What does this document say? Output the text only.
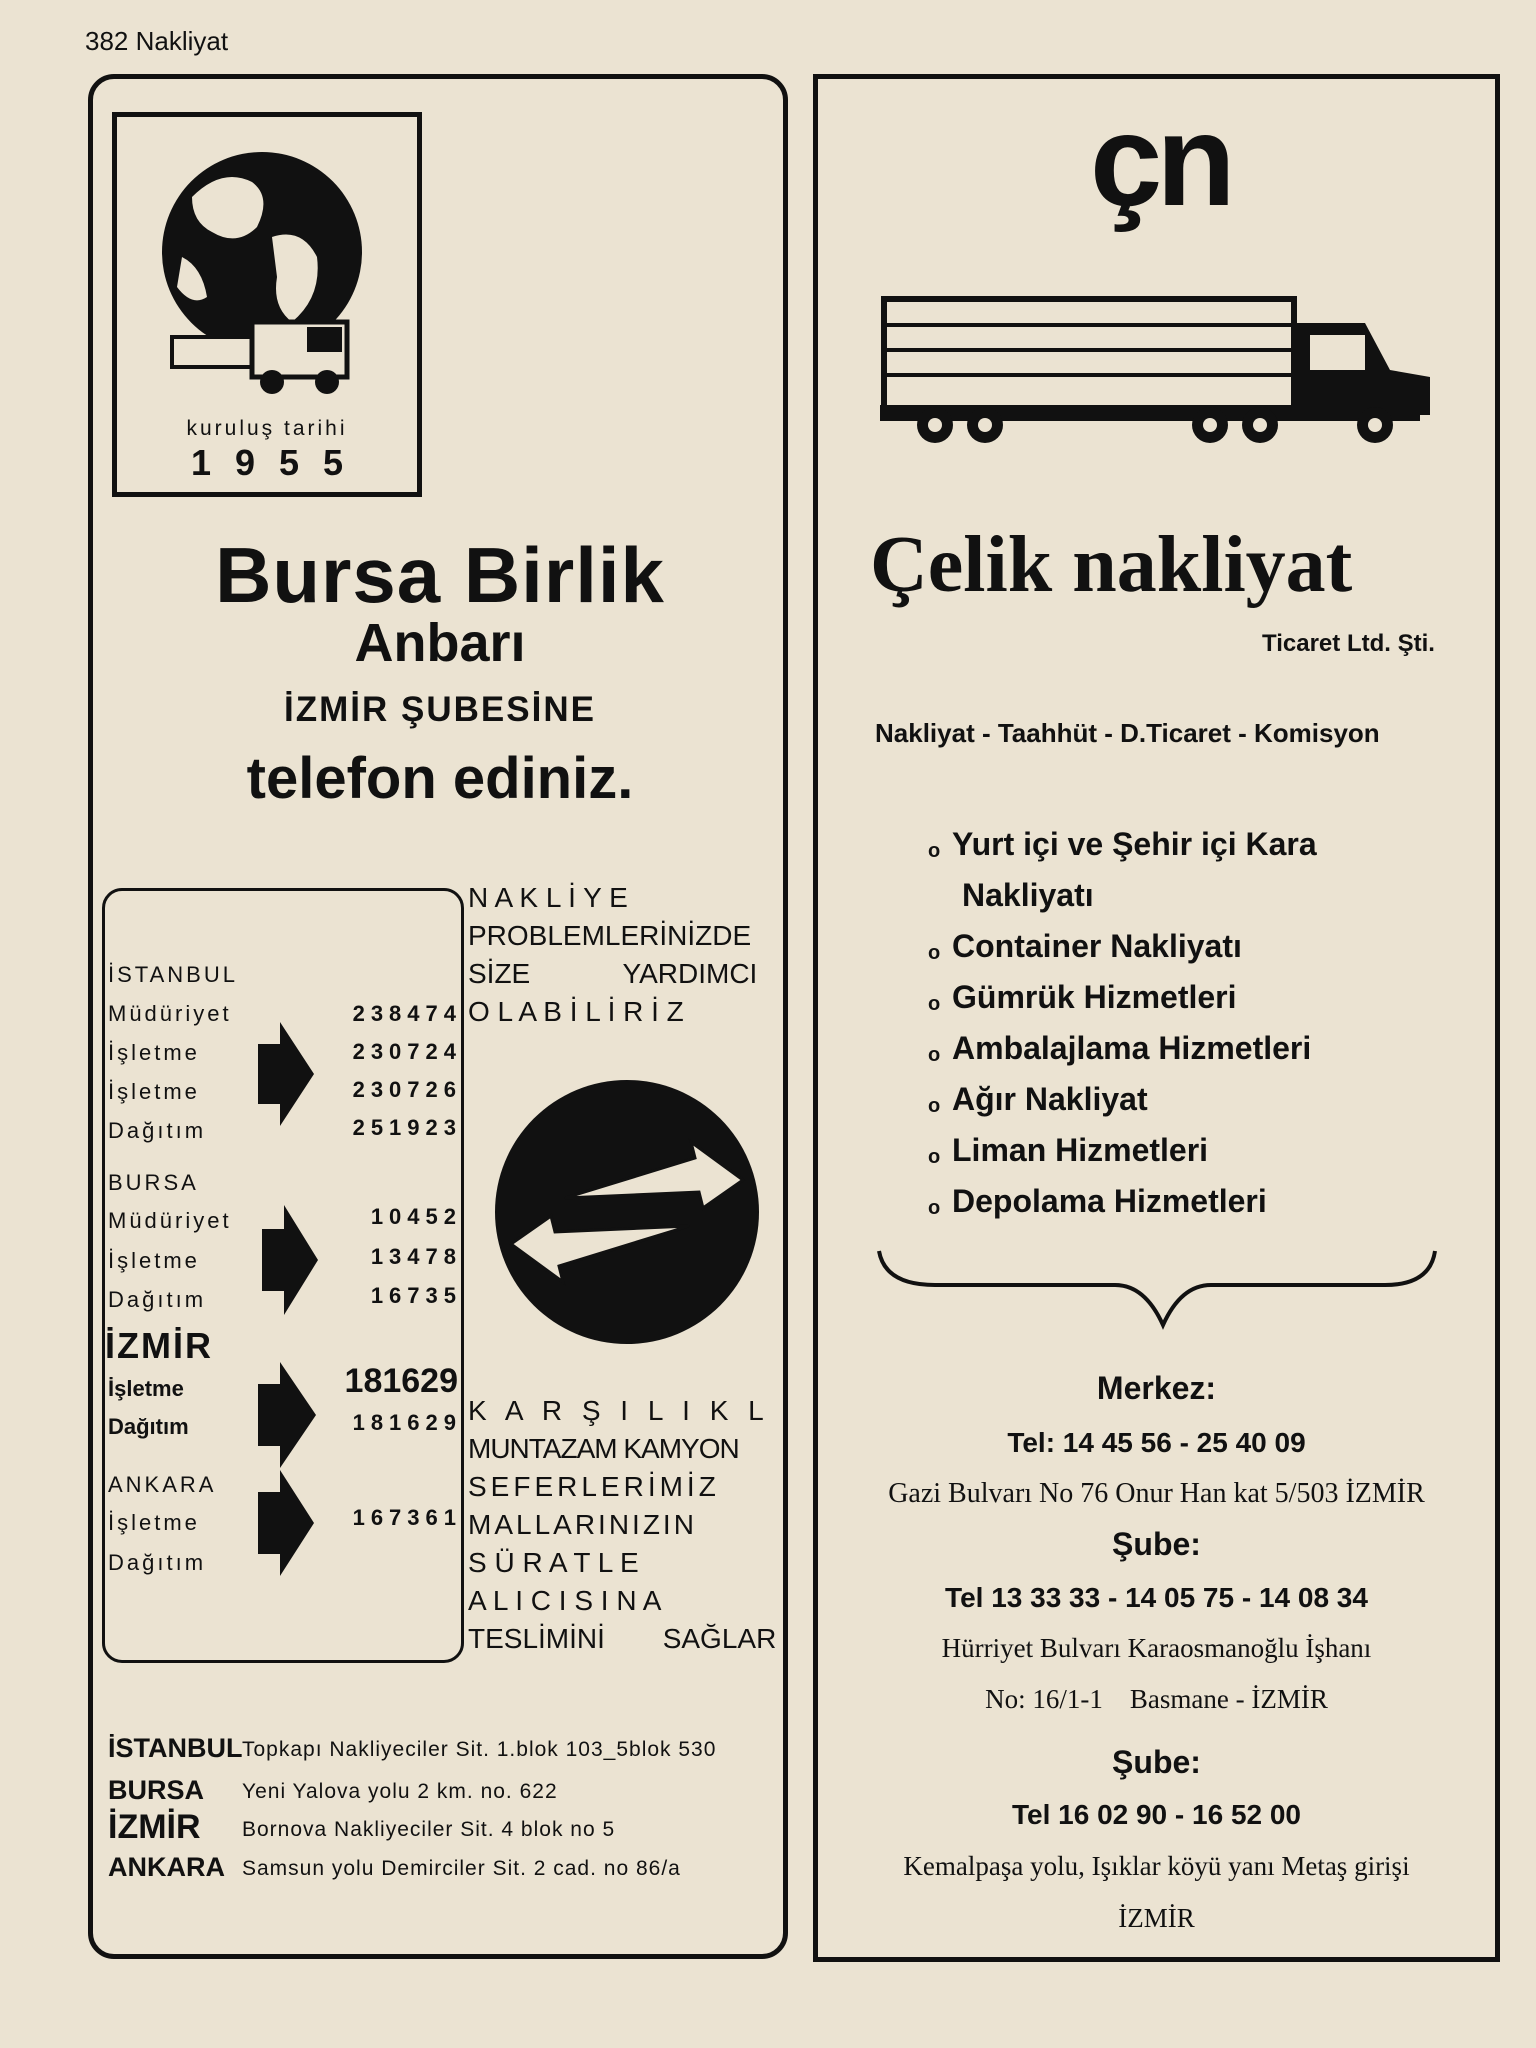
382 Nakliyat
kuruluş tarihi
1955
Bursa Birlik
Anbarı
İZMİR ŞUBESİNE
telefon ediniz.
İSTANBUL
Müdüriyet	238474
İşletme	230724
İşletme	230726
Dağıtım	251923
BURSA
Müdüriyet	10452
İşletme	13478
Dağıtım	16735
İZMİR
İşletme	181629
Dağıtım	181629
ANKARA
İşletme	167361
Dağıtım
N A K L İ Y E
PROBLEMLERİNİZDE
SİZE YARDIMCI
O L A B İ L İ R İ Z
K A R Ş I L I K L I
MUNTAZAM KAMYON
SEFERLERİMİZ
MALLARINIZIN
S Ü R A T L E
A L I C I S I N A
TESLİMİNİ SAĞLAR
İSTANBUL Topkapı Nakliyeciler Sit. 1.blok 103_5blok 530
BURSA Yeni Yalova yolu 2 km. no. 622
İZMİR Bornova Nakliyeciler Sit. 4 blok no 5
ANKARA Samsun yolu Demirciler Sit. 2 cad. no 86/a
çn
Çelik nakliyat
Ticaret Ltd. Şti.
Nakliyat - Taahhüt - D.Ticaret - Komisyon
o Yurt içi ve Şehir içi Kara
Nakliyatı
o Container Nakliyatı
o Gümrük Hizmetleri
o Ambalajlama Hizmetleri
o Ağır Nakliyat
o Liman Hizmetleri
o Depolama Hizmetleri
Merkez:
Tel: 14 45 56 - 25 40 09
Gazi Bulvarı No 76 Onur Han kat 5/503 İZMİR
Şube:
Tel 13 33 33 - 14 05 75 - 14 08 34
Hürriyet Bulvarı Karaosmanoğlu İşhanı
No: 16/1-1    Basmane - İZMİR
Şube:
Tel 16 02 90 - 16 52 00
Kemalpaşa yolu, Işıklar köyü yanı Metaş girişi
İZMİR
